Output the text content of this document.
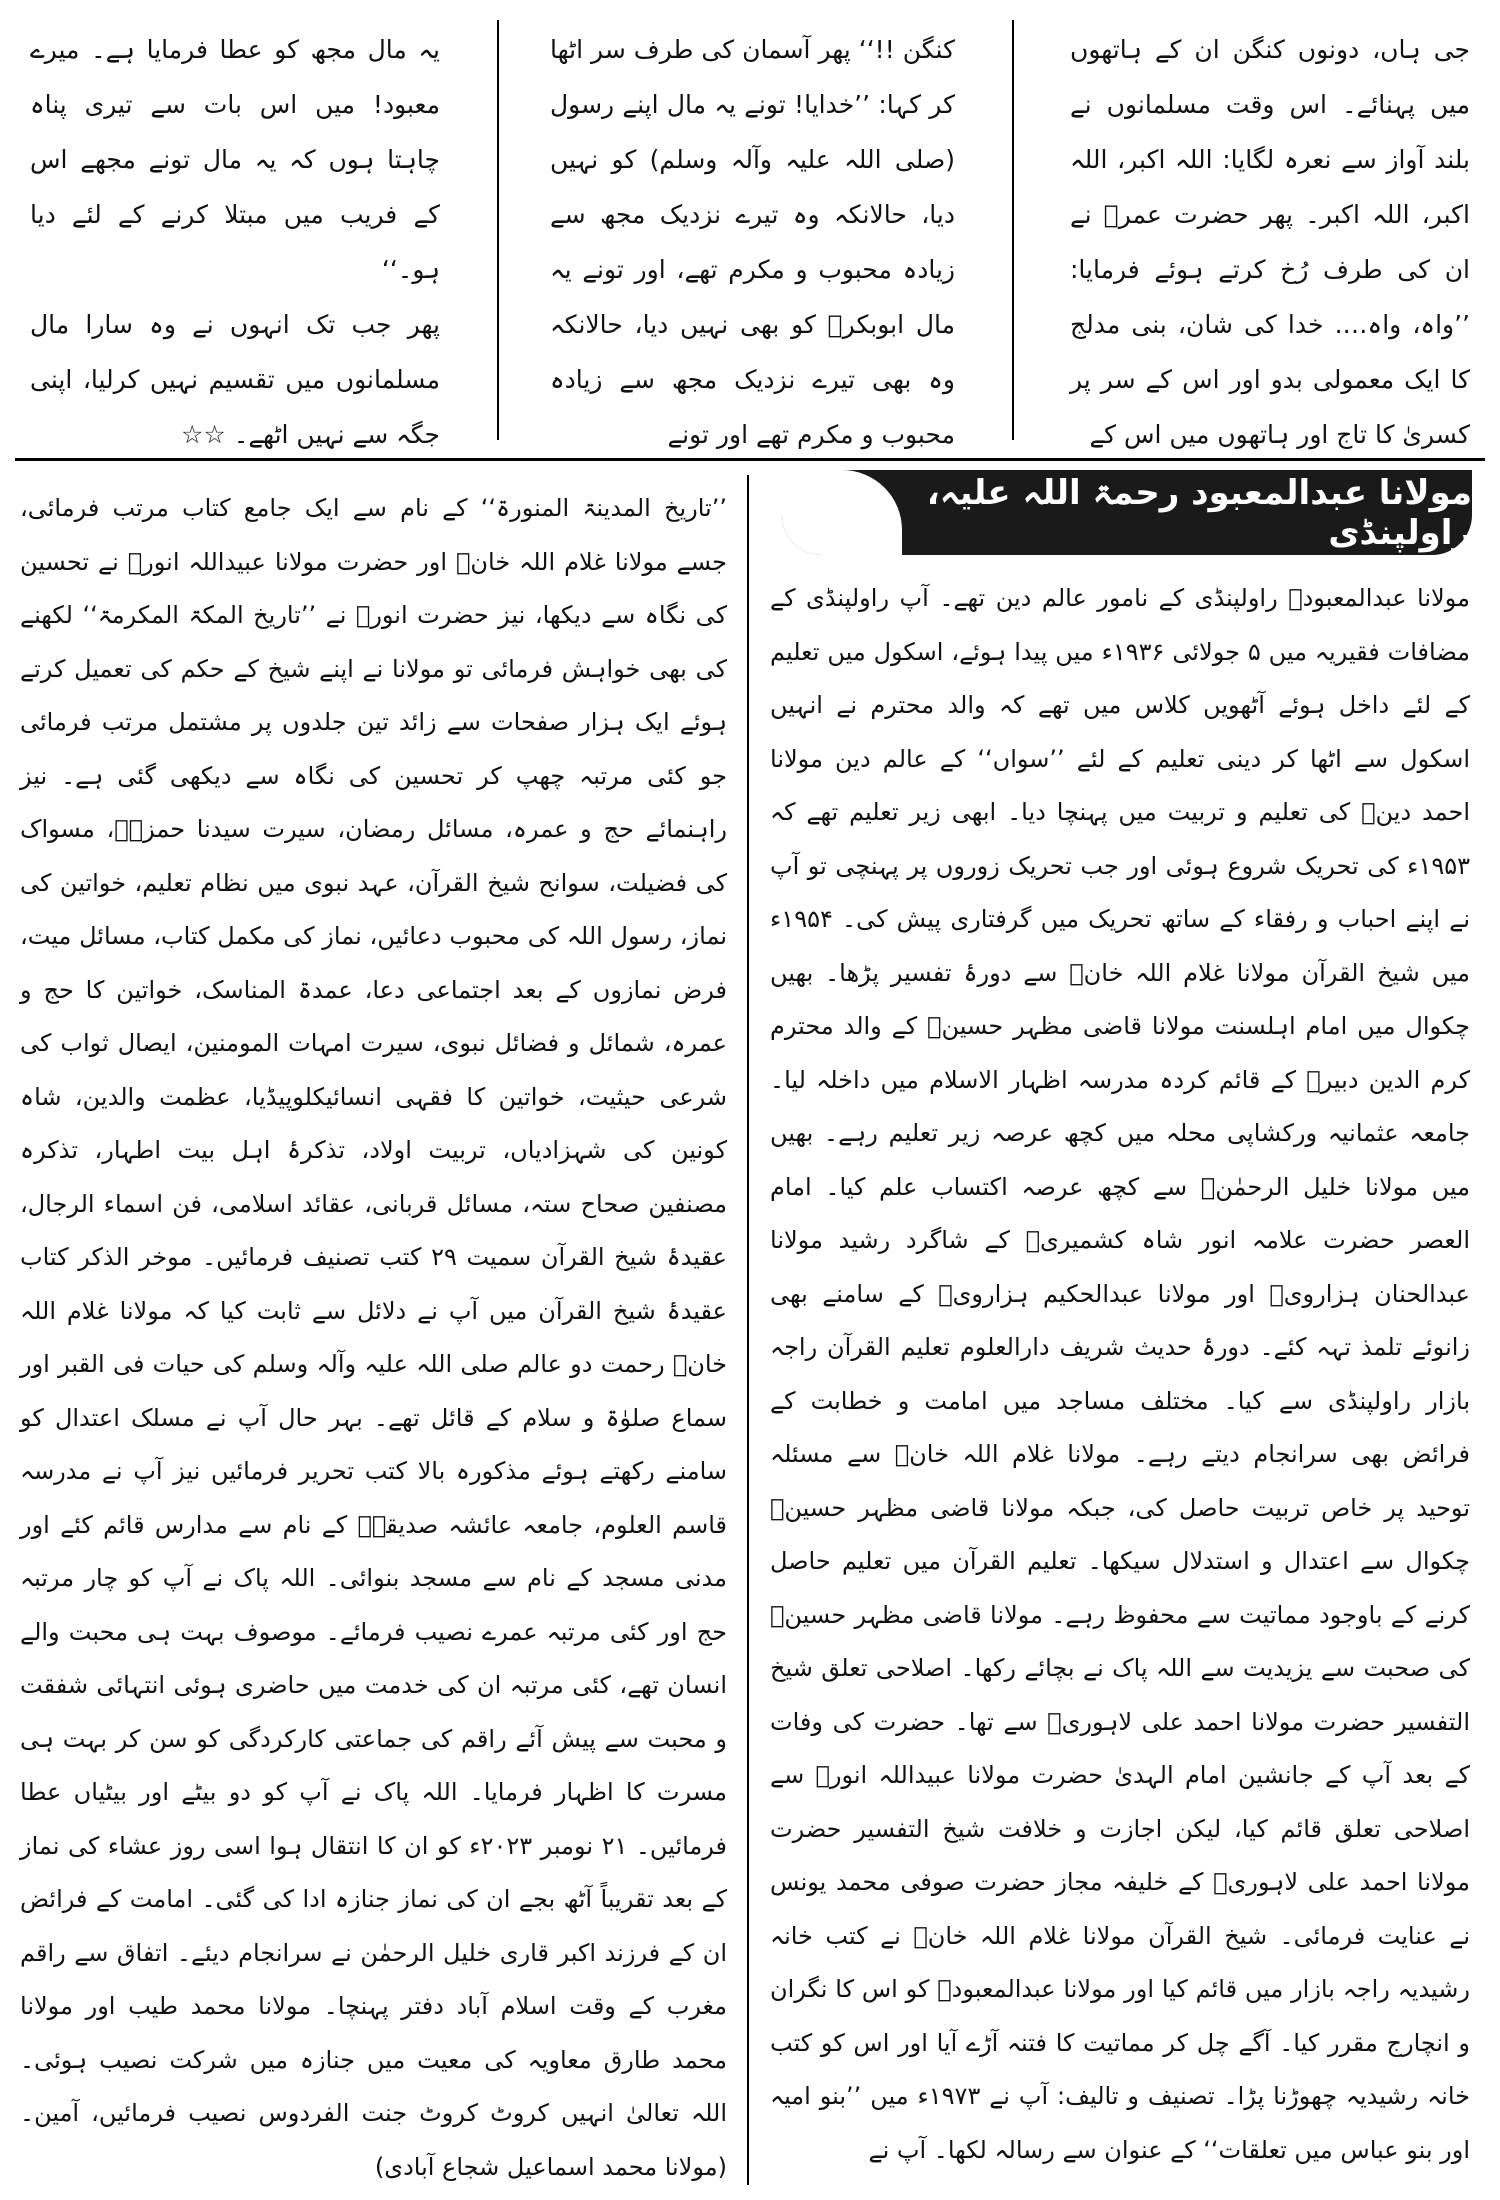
جی ہاں، دونوں کنگن ان کے ہاتھوں میں پہنائے۔ اس وقت مسلمانوں نے بلند آواز سے نعرہ لگایا: اللہ اکبر، اللہ اکبر، اللہ اکبر۔ پھر حضرت عمرؓ نے ان کی طرف رُخ کرتے ہوئے فرمایا: ’’واہ، واہ…. خدا کی شان، بنی مدلج کا ایک معمولی بدو اور اس کے سر پر کسریٰ کا تاج اور ہاتھوں میں اس کے

کنگن !!‘‘ پھر آسمان کی طرف سر اٹھا کر کہا: ’’خدایا! تونے یہ مال اپنے رسول (صلی اللہ علیہ وآلہ وسلم) کو نہیں دیا، حالانکہ وہ تیرے نزدیک مجھ سے زیادہ محبوب و مکرم تھے، اور تونے یہ مال ابوبکرؓ کو بھی نہیں دیا، حالانکہ وہ بھی تیرے نزدیک مجھ سے زیادہ محبوب و مکرم تھے اور تونے

یہ مال مجھ کو عطا فرمایا ہے۔ میرے معبود! میں اس بات سے تیری پناہ چاہتا ہوں کہ یہ مال تونے مجھے اس کے فریب میں مبتلا کرنے کے لئے دیا ہو۔‘‘

پھر جب تک انہوں نے وہ سارا مال مسلمانوں میں تقسیم نہیں کرلیا، اپنی جگہ سے نہیں اٹھے۔ ☆☆

مولانا عبدالمعبود رحمۃ اللہ علیہ، راولپنڈی

مولانا عبدالمعبودؒ راولپنڈی کے نامور عالم دین تھے۔ آپ راولپنڈی کے مضافات فقیریہ میں ۵ جولائی ۱۹۳۶ء میں پیدا ہوئے، اسکول میں تعلیم کے لئے داخل ہوئے آٹھویں کلاس میں تھے کہ والد محترم نے انہیں اسکول سے اٹھا کر دینی تعلیم کے لئے ’’سواں‘‘ کے عالم دین مولانا احمد دینؒ کی تعلیم و تربیت میں پہنچا دیا۔ ابھی زیر تعلیم تھے کہ ۱۹۵۳ء کی تحریک شروع ہوئی اور جب تحریک زوروں پر پہنچی تو آپ نے اپنے احباب و رفقاء کے ساتھ تحریک میں گرفتاری پیش کی۔ ۱۹۵۴ء میں شیخ القرآن مولانا غلام اللہ خانؒ سے دورۂ تفسیر پڑھا۔ بھیں چکوال میں امام اہلسنت مولانا قاضی مظہر حسینؒ کے والد محترم کرم الدین دبیرؒ کے قائم کردہ مدرسہ اظہار الاسلام میں داخلہ لیا۔ جامعہ عثمانیہ ورکشاپی محلہ میں کچھ عرصہ زیر تعلیم رہے۔ بھیں میں مولانا خلیل الرحمٰنؒ سے کچھ عرصہ اکتساب علم کیا۔ امام العصر حضرت علامہ انور شاہ کشمیریؒ کے شاگرد رشید مولانا عبدالحنان ہزارویؒ اور مولانا عبدالحکیم ہزارویؒ کے سامنے بھی زانوئے تلمذ تہہ کئے۔ دورۂ حدیث شریف دارالعلوم تعلیم القرآن راجہ بازار راولپنڈی سے کیا۔ مختلف مساجد میں امامت و خطابت کے فرائض بھی سرانجام دیتے رہے۔ مولانا غلام اللہ خانؒ سے مسئلہ توحید پر خاص تربیت حاصل کی، جبکہ مولانا قاضی مظہر حسینؒ چکوال سے اعتدال و استدلال سیکھا۔ تعلیم القرآن میں تعلیم حاصل کرنے کے باوجود مماتیت سے محفوظ رہے۔ مولانا قاضی مظہر حسینؒ کی صحبت سے یزیدیت سے اللہ پاک نے بچائے رکھا۔ اصلاحی تعلق شیخ التفسیر حضرت مولانا احمد علی لاہوریؒ سے تھا۔ حضرت کی وفات کے بعد آپ کے جانشین امام الہدیٰ حضرت مولانا عبیداللہ انورؒ سے اصلاحی تعلق قائم کیا، لیکن اجازت و خلافت شیخ التفسیر حضرت مولانا احمد علی لاہوریؒ کے خلیفہ مجاز حضرت صوفی محمد یونس نے عنایت فرمائی۔ شیخ القرآن مولانا غلام اللہ خانؒ نے کتب خانہ رشیدیہ راجہ بازار میں قائم کیا اور مولانا عبدالمعبودؒ کو اس کا نگران و انچارج مقرر کیا۔ آگے چل کر مماتیت کا فتنہ آڑے آیا اور اس کو کتب خانہ رشیدیہ چھوڑنا پڑا۔ تصنیف و تالیف: آپ نے ۱۹۷۳ء میں ’’بنو امیہ اور بنو عباس میں تعلقات‘‘ کے عنوان سے رسالہ لکھا۔ آپ نے

’’تاریخ المدینۃ المنورۃ‘‘ کے نام سے ایک جامع کتاب مرتب فرمائی، جسے مولانا غلام اللہ خانؒ اور حضرت مولانا عبیداللہ انورؒ نے تحسین کی نگاہ سے دیکھا، نیز حضرت انورؒ نے ’’تاریخ المکۃ المکرمۃ‘‘ لکھنے کی بھی خواہش فرمائی تو مولانا نے اپنے شیخ کے حکم کی تعمیل کرتے ہوئے ایک ہزار صفحات سے زائد تین جلدوں پر مشتمل مرتب فرمائی جو کئی مرتبہ چھپ کر تحسین کی نگاہ سے دیکھی گئی ہے۔ نیز راہنمائے حج و عمرہ، مسائل رمضان، سیرت سیدنا حمزہؓ، مسواک کی فضیلت، سوانح شیخ القرآن، عہد نبوی میں نظام تعلیم، خواتین کی نماز، رسول اللہ کی محبوب دعائیں، نماز کی مکمل کتاب، مسائل میت، فرض نمازوں کے بعد اجتماعی دعا، عمدۃ المناسک، خواتین کا حج و عمرہ، شمائل و فضائل نبوی، سیرت امہات المومنین، ایصال ثواب کی شرعی حیثیت، خواتین کا فقہی انسائیکلوپیڈیا، عظمت والدین، شاہ کونین کی شہزادیاں، تربیت اولاد، تذکرۂ اہل بیت اطہار، تذکرہ مصنفین صحاح ستہ، مسائل قربانی، عقائد اسلامی، فن اسماء الرجال، عقیدۂ شیخ القرآن سمیت ۲۹ کتب تصنیف فرمائیں۔ موخر الذکر کتاب عقیدۂ شیخ القرآن میں آپ نے دلائل سے ثابت کیا کہ مولانا غلام اللہ خانؒ رحمت دو عالم صلی اللہ علیہ وآلہ وسلم کی حیات فی القبر اور سماع صلوٰۃ و سلام کے قائل تھے۔ بہر حال آپ نے مسلک اعتدال کو سامنے رکھتے ہوئے مذکورہ بالا کتب تحریر فرمائیں نیز آپ نے مدرسہ قاسم العلوم، جامعہ عائشہ صدیقہؓ کے نام سے مدارس قائم کئے اور مدنی مسجد کے نام سے مسجد بنوائی۔ اللہ پاک نے آپ کو چار مرتبہ حج اور کئی مرتبہ عمرے نصیب فرمائے۔ موصوف بہت ہی محبت والے انسان تھے، کئی مرتبہ ان کی خدمت میں حاضری ہوئی انتہائی شفقت و محبت سے پیش آئے راقم کی جماعتی کارکردگی کو سن کر بہت ہی مسرت کا اظہار فرمایا۔ اللہ پاک نے آپ کو دو بیٹے اور بیٹیاں عطا فرمائیں۔ ۲۱ نومبر ۲۰۲۳ء کو ان کا انتقال ہوا اسی روز عشاء کی نماز کے بعد تقریباً آٹھ بجے ان کی نماز جنازہ ادا کی گئی۔ امامت کے فرائض ان کے فرزند اکبر قاری خلیل الرحمٰن نے سرانجام دیئے۔ اتفاق سے راقم مغرب کے وقت اسلام آباد دفتر پہنچا۔ مولانا محمد طیب اور مولانا محمد طارق معاویہ کی معیت میں جنازہ میں شرکت نصیب ہوئی۔ اللہ تعالیٰ انہیں کروٹ کروٹ جنت الفردوس نصیب فرمائیں، آمین۔ (مولانا محمد اسماعیل شجاع آبادی)
